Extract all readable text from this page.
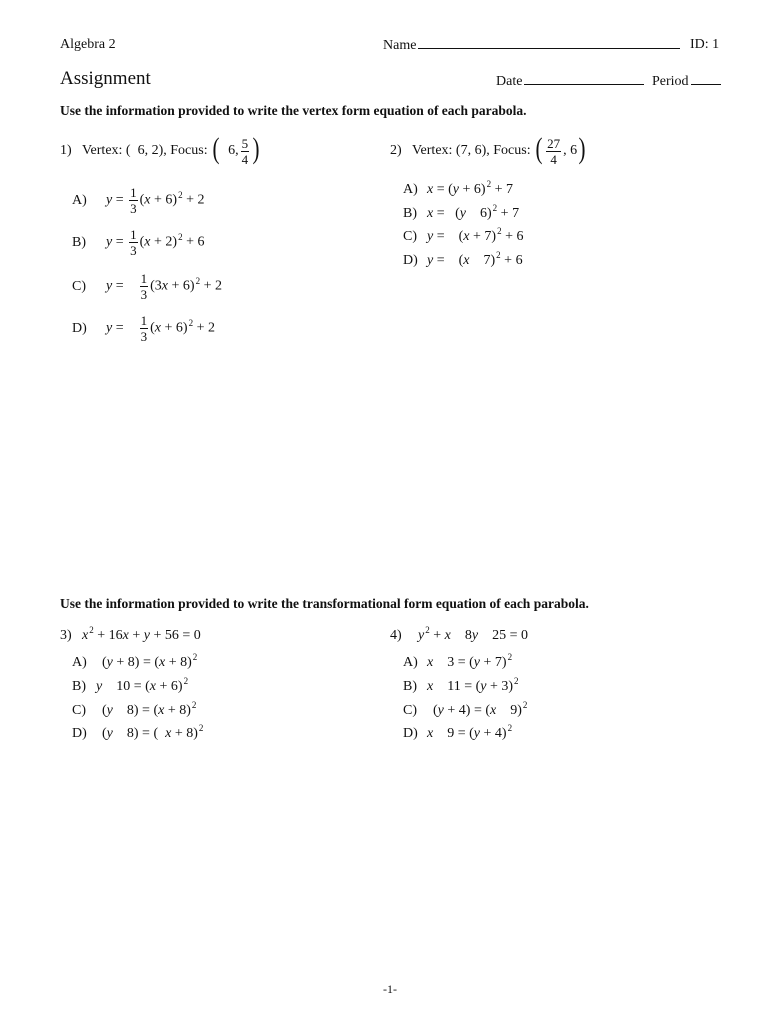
Algebra 2	Name	ID: 1
Assignment	Date	Period
Use the information provided to write the vertex form equation of each parabola.
1) Vertex: ( 6, 2), Focus: ( 6, $\frac{5}{4}$ )
A) $y = \frac{1}{3} (x + 6)^2 + 2$
B) $y = \frac{1}{3} (x + 2)^2 + 6$
C) $y = \frac{1}{3} (3x + 6)^2 + 2$
D) $y = \frac{1}{3} (x + 6)^2 + 2$
2) Vertex: (7, 6), Focus: ( $\frac{27}{4}$ , 6)
A) $x = (y + 6)^2 + 7$
B) x =   (y    6)$^2$ + 7
C) y =    $(x + 7)^2 + 6$
D) y =    (x    7)$^2$ + 6
Use the information provided to write the transformational form equation of each parabola.
3) $x^2 + 16x + y + 56 = 0$
A) $(y + 8) = (x + 8)^2$
B) y    $10 = (x + 6)^2$
C) (y    $8) = (x + 8)^2$
D) (y    8) = (  x + 8)$^2$
4) $y^2 + x$    8y    25 = 0
A) x    $3 = (y + 7)^2$
B) x    $11 = (y + 3)^2$
C) (y + 4) = (x    9)$^2$
D) x    $9 = (y + 4)^2$
-1-
